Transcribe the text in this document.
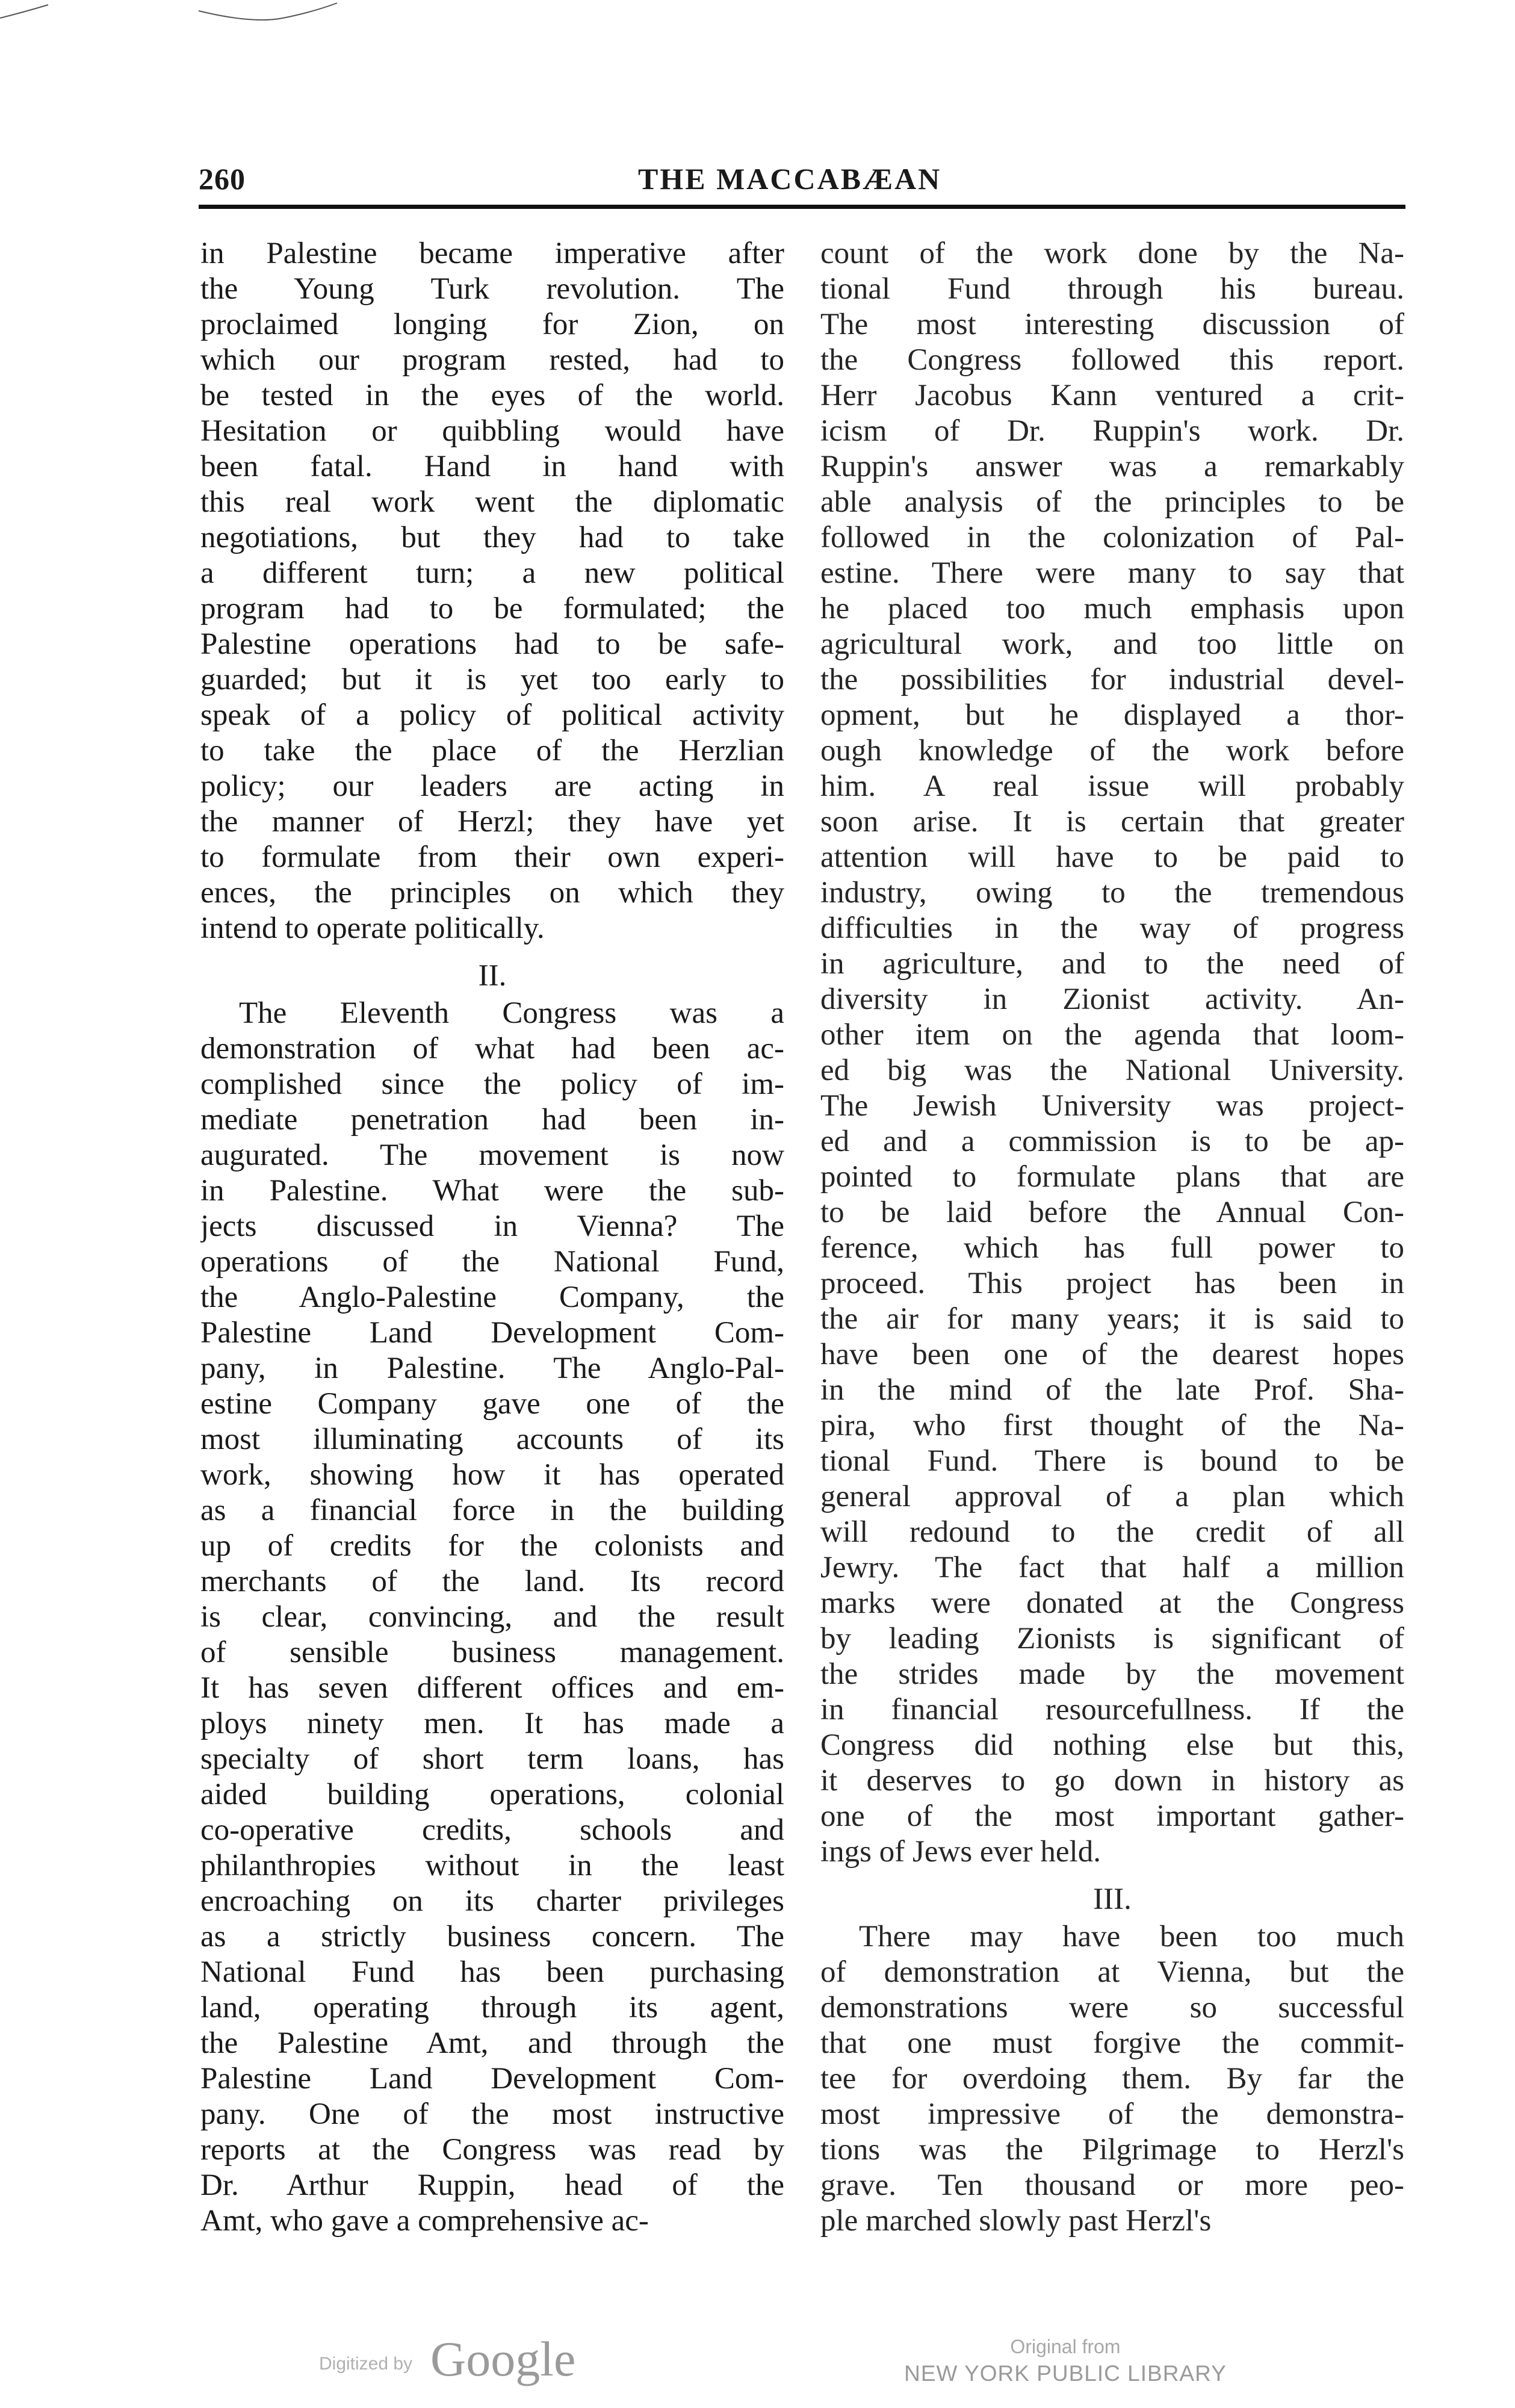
260	THE MACCABÆAN
in Palestine became imperative after
the Young Turk revolution. The
proclaimed longing for Zion, on
which our program rested, had to
be tested in the eyes of the world.
Hesitation or quibbling would have
been fatal. Hand in hand with
this real work went the diplomatic
negotiations, but they had to take
a different turn; a new political
program had to be formulated; the
Palestine operations had to be safe-
guarded; but it is yet too early to
speak of a policy of political activity
to take the place of the Herzlian
policy; our leaders are acting in
the manner of Herzl; they have yet
to formulate from their own experi-
ences, the principles on which they
intend to operate politically.
II.
The Eleventh Congress was a
demonstration of what had been ac-
complished since the policy of im-
mediate penetration had been in-
augurated. The movement is now
in Palestine. What were the sub-
jects discussed in Vienna? The
operations of the National Fund,
the Anglo-Palestine Company, the
Palestine Land Development Com-
pany, in Palestine. The Anglo-Pal-
estine Company gave one of the
most illuminating accounts of its
work, showing how it has operated
as a financial force in the building
up of credits for the colonists and
merchants of the land. Its record
is clear, convincing, and the result
of sensible business management.
It has seven different offices and em-
ploys ninety men. It has made a
specialty of short term loans, has
aided building operations, colonial
co-operative credits, schools and
philanthropies without in the least
encroaching on its charter privileges
as a strictly business concern. The
National Fund has been purchasing
land, operating through its agent,
the Palestine Amt, and through the
Palestine Land Development Com-
pany. One of the most instructive
reports at the Congress was read by
Dr. Arthur Ruppin, head of the
Amt, who gave a comprehensive ac-
count of the work done by the Na-
tional Fund through his bureau.
The most interesting discussion of
the Congress followed this report.
Herr Jacobus Kann ventured a crit-
icism of Dr. Ruppin's work. Dr.
Ruppin's answer was a remarkably
able analysis of the principles to be
followed in the colonization of Pal-
estine. There were many to say that
he placed too much emphasis upon
agricultural work, and too little on
the possibilities for industrial devel-
opment, but he displayed a thor-
ough knowledge of the work before
him. A real issue will probably
soon arise. It is certain that greater
attention will have to be paid to
industry, owing to the tremendous
difficulties in the way of progress
in agriculture, and to the need of
diversity in Zionist activity. An-
other item on the agenda that loom-
ed big was the National University.
The Jewish University was project-
ed and a commission is to be ap-
pointed to formulate plans that are
to be laid before the Annual Con-
ference, which has full power to
proceed. This project has been in
the air for many years; it is said to
have been one of the dearest hopes
in the mind of the late Prof. Sha-
pira, who first thought of the Na-
tional Fund. There is bound to be
general approval of a plan which
will redound to the credit of all
Jewry. The fact that half a million
marks were donated at the Congress
by leading Zionists is significant of
the strides made by the movement
in financial resourcefullness. If the
Congress did nothing else but this,
it deserves to go down in history as
one of the most important gather-
ings of Jews ever held.
III.
There may have been too much
of demonstration at Vienna, but the
demonstrations were so successful
that one must forgive the commit-
tee for overdoing them. By far the
most impressive of the demonstra-
tions was the Pilgrimage to Herzl's
grave. Ten thousand or more peo-
ple marched slowly past Herzl's
Digitized by Google	Original from
NEW YORK PUBLIC LIBRARY
